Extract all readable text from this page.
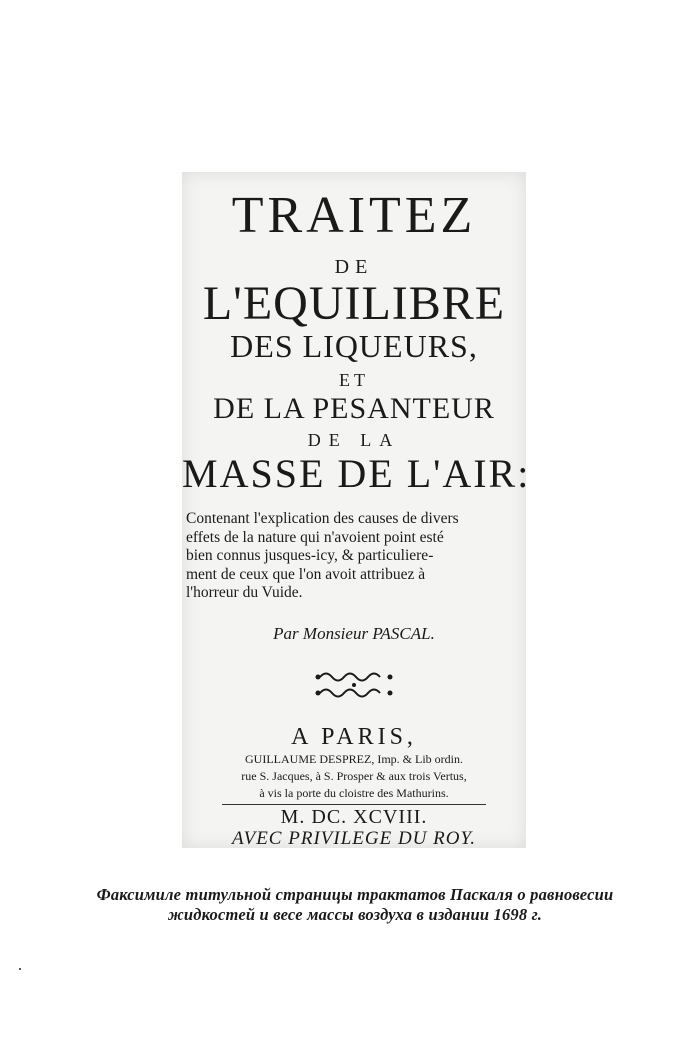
TRAITEZ
DE
L'EQUILIBRE
DES LIQUEURS,
ET
DE LA PESANTEUR
DE LA
MASSE DE L'AIR:
Contenant l'explication des causes de divers
effets de la nature qui n'avoient point esté
bien connus jusques-icy, & particuliere-
ment de ceux que l'on avoit attribuez à
l'horreur du Vuide.
Par Monsieur PASCAL.
A PARIS,
GUILLAUME DESPREZ, Imp. & Lib ordin.
rue S. Jacques, à S. Prosper & aux trois Vertus,
à vis la porte du cloistre des Mathurins.
M. DC. XCVIII.
AVEC PRIVILEGE DU ROY.
Факсимиле титульной страницы трактатов Паскаля о равновесии
жидкостей и весе массы воздуха в издании 1698 г.
